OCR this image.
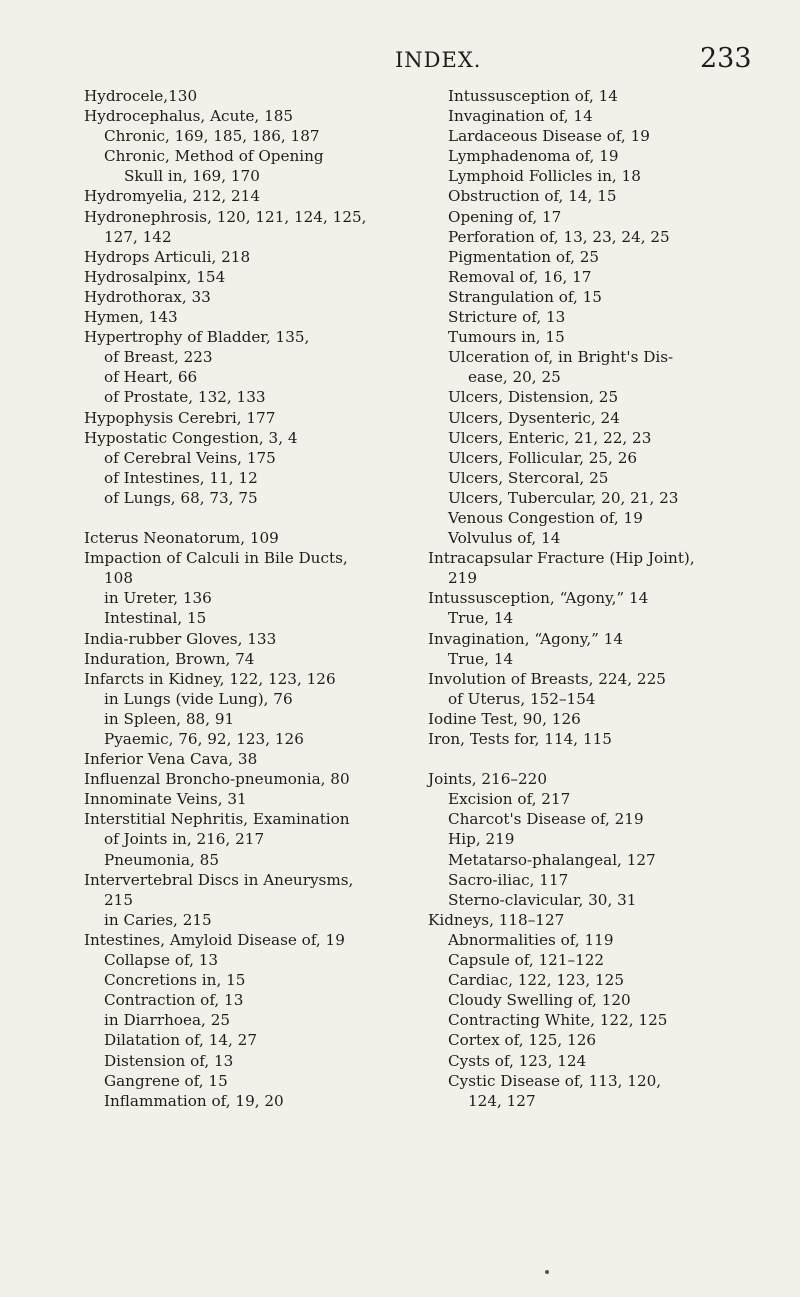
INDEX.	233
Hydrocele,130
Hydrocephalus, Acute, 185
Chronic, 169, 185, 186, 187
Chronic, Method of Opening
Skull in, 169, 170
Hydromyelia, 212, 214
Hydronephrosis, 120, 121, 124, 125,
127, 142
Hydrops Articuli, 218
Hydrosalpinx, 154
Hydrothorax, 33
Hymen, 143
Hypertrophy of Bladder, 135,
of Breast, 223
of Heart, 66
of Prostate, 132, 133
Hypophysis Cerebri, 177
Hypostatic Congestion, 3, 4
of Cerebral Veins, 175
of Intestines, 11, 12
of Lungs, 68, 73, 75
Icterus Neonatorum, 109
Impaction of Calculi in Bile Ducts,
108
in Ureter, 136
Intestinal, 15
India-rubber Gloves, 133
Induration, Brown, 74
Infarcts in Kidney, 122, 123, 126
in Lungs (vide Lung), 76
in Spleen, 88, 91
Pyaemic, 76, 92, 123, 126
Inferior Vena Cava, 38
Influenzal Broncho-pneumonia, 80
Innominate Veins, 31
Interstitial Nephritis, Examination
of Joints in, 216, 217
Pneumonia, 85
Intervertebral Discs in Aneurysms,
215
in Caries, 215
Intestines, Amyloid Disease of, 19
Collapse of, 13
Concretions in, 15
Contraction of, 13
in Diarrhoea, 25
Dilatation of, 14, 27
Distension of, 13
Gangrene of, 15
Inflammation of, 19, 20
Intussusception of, 14
Invagination of, 14
Lardaceous Disease of, 19
Lymphadenoma of, 19
Lymphoid Follicles in, 18
Obstruction of, 14, 15
Opening of, 17
Perforation of, 13, 23, 24, 25
Pigmentation of, 25
Removal of, 16, 17
Strangulation of, 15
Stricture of, 13
Tumours in, 15
Ulceration of, in Bright's Dis-
ease, 20, 25
Ulcers, Distension, 25
Ulcers, Dysenteric, 24
Ulcers, Enteric, 21, 22, 23
Ulcers, Follicular, 25, 26
Ulcers, Stercoral, 25
Ulcers, Tubercular, 20, 21, 23
Venous Congestion of, 19
Volvulus of, 14
Intracapsular Fracture (Hip Joint),
219
Intussusception, “Agony,” 14
True, 14
Invagination, “Agony,” 14
True, 14
Involution of Breasts, 224, 225
of Uterus, 152–154
Iodine Test, 90, 126
Iron, Tests for, 114, 115
Joints, 216–220
Excision of, 217
Charcot's Disease of, 219
Hip, 219
Metatarso-phalangeal, 127
Sacro-iliac, 117
Sterno-clavicular, 30, 31
Kidneys, 118–127
Abnormalities of, 119
Capsule of, 121–122
Cardiac, 122, 123, 125
Cloudy Swelling of, 120
Contracting White, 122, 125
Cortex of, 125, 126
Cysts of, 123, 124
Cystic Disease of, 113, 120,
124, 127
